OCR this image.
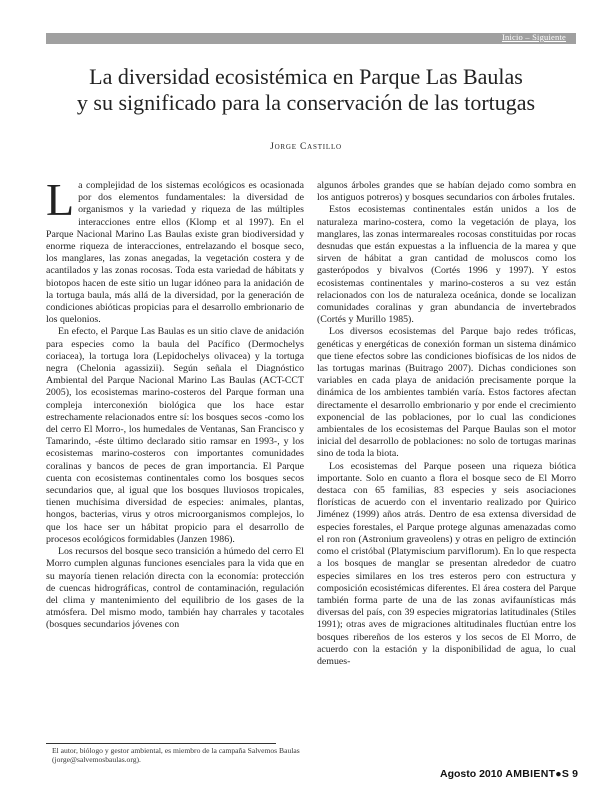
Inicio – Siguiente
La diversidad ecosistémica en Parque Las Baulas
y su significado para la conservación de las tortugas
Jorge Castillo

La complejidad de los sistemas ecológicos es ocasionada por dos elementos fundamentales: la diversidad de organismos y la variedad y riqueza de las múltiples interacciones entre ellos (Klomp et al 1997). En el Parque Nacional Marino Las Baulas existe gran biodiversidad y enorme riqueza de interacciones, entrelazando el bosque seco, los manglares, las zonas anegadas, la vegetación costera y de acantilados y las zonas rocosas. Toda esta variedad de hábitats y biotopos hacen de este sitio un lugar idóneo para la anidación de la tortuga baula, más allá de la diversidad, por la generación de condiciones abióticas propicias para el desarrollo embrionario de los quelonios.

En efecto, el Parque Las Baulas es un sitio clave de anidación para especies como la baula del Pacífico (Dermochelys coriacea), la tortuga lora (Lepidochelys olivacea) y la tortuga negra (Chelonia agassizii). Según señala el Diagnóstico Ambiental del Parque Nacional Marino Las Baulas (ACT-CCT 2005), los ecosistemas marino-costeros del Parque forman una compleja interconexión biológica que los hace estar estrechamente relacionados entre sí: los bosques secos -como los del cerro El Morro-, los humedales de Ventanas, San Francisco y Tamarindo, -éste último declarado sitio ramsar en 1993-, y los ecosistemas marino-costeros con importantes comunidades coralinas y bancos de peces de gran importancia. El Parque cuenta con ecosistemas continentales como los bosques secos secundarios que, al igual que los bosques lluviosos tropicales, tienen muchísima diversidad de especies: animales, plantas, hongos, bacterias, virus y otros microorganismos complejos, lo que los hace ser un hábitat propicio para el desarrollo de procesos ecológicos formidables (Janzen 1986).

Los recursos del bosque seco transición a húmedo del cerro El Morro cumplen algunas funciones esenciales para la vida que en su mayoría tienen relación directa con la economía: protección de cuencas hidrográficas, control de contaminación, regulación del clima y mantenimiento del equilibrio de los gases de la atmósfera. Del mismo modo, también hay charrales y tacotales (bosques secundarios jóvenes con

algunos árboles grandes que se habían dejado como sombra en los antiguos potreros) y bosques secundarios con árboles frutales.

Estos ecosistemas continentales están unidos a los de naturaleza marino-costera, como la vegetación de playa, los manglares, las zonas intermareales rocosas constituidas por rocas desnudas que están expuestas a la influencia de la marea y que sirven de hábitat a gran cantidad de moluscos como los gasterópodos y bivalvos (Cortés 1996 y 1997). Y estos ecosistemas continentales y marino-costeros a su vez están relacionados con los de naturaleza oceánica, donde se localizan comunidades coralinas y gran abundancia de invertebrados (Cortés y Murillo 1985).

Los diversos ecosistemas del Parque bajo redes tróficas, genéticas y energéticas de conexión forman un sistema dinámico que tiene efectos sobre las condiciones biofísicas de los nidos de las tortugas marinas (Buitrago 2007). Dichas condiciones son variables en cada playa de anidación precisamente porque la dinámica de los ambientes también varía. Estos factores afectan directamente el desarrollo embrionario y por ende el crecimiento exponencial de las poblaciones, por lo cual las condiciones ambientales de los ecosistemas del Parque Baulas son el motor inicial del desarrollo de poblaciones: no solo de tortugas marinas sino de toda la biota.

Los ecosistemas del Parque poseen una riqueza biótica importante. Solo en cuanto a flora el bosque seco de El Morro destaca con 65 familias, 83 especies y seis asociaciones florísticas de acuerdo con el inventario realizado por Quirico Jiménez (1999) años atrás. Dentro de esa extensa diversidad de especies forestales, el Parque protege algunas amenazadas como el ron ron (Astronium graveolens) y otras en peligro de extinción como el cristóbal (Platymiscium parviflorum). En lo que respecta a los bosques de manglar se presentan alrededor de cuatro especies similares en los tres esteros pero con estructura y composición ecosistémicas diferentes. El área costera del Parque también forma parte de una de las zonas avifaunísticas más diversas del país, con 39 especies migratorias latitudinales (Stiles 1991); otras aves de migraciones altitudinales fluctúan entre los bosques ribereños de los esteros y los secos de El Morro, de acuerdo con la estación y la disponibilidad de agua, lo cual demues-

El autor, biólogo y gestor ambiental, es miembro de la campaña Salvemos Baulas (jorge@salvemosbaulas.org).
Agosto 2010 AMBIENT●S 9
